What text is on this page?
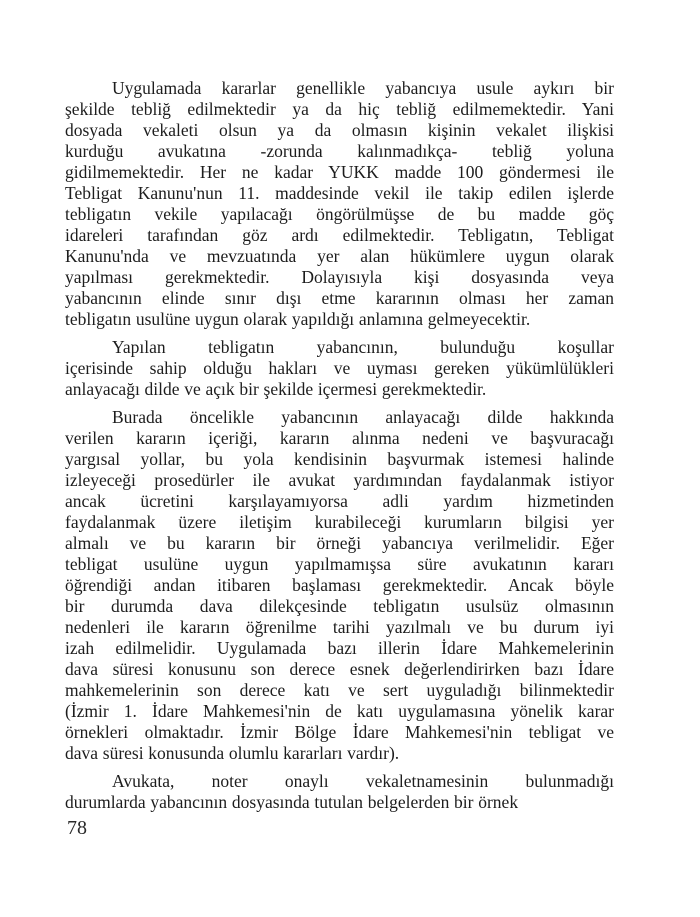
Uygulamada kararlar genellikle yabancıya usule aykırı bir
şekilde tebliğ edilmektedir ya da hiç tebliğ edilmemektedir. Yani
dosyada vekaleti olsun ya da olmasın kişinin vekalet ilişkisi
kurduğu avukatına -zorunda kalınmadıkça- tebliğ yoluna
gidilmemektedir. Her ne kadar YUKK madde 100 göndermesi ile
Tebligat Kanunu'nun 11. maddesinde vekil ile takip edilen işlerde
tebligatın vekile yapılacağı öngörülmüşse de bu madde göç
idareleri tarafından göz ardı edilmektedir. Tebligatın, Tebligat
Kanunu'nda ve mevzuatında yer alan hükümlere uygun olarak
yapılması gerekmektedir. Dolayısıyla kişi dosyasında veya
yabancının elinde sınır dışı etme kararının olması her zaman
tebligatın usulüne uygun olarak yapıldığı anlamına gelmeyecektir.
Yapılan tebligatın yabancının, bulunduğu koşullar
içerisinde sahip olduğu hakları ve uyması gereken yükümlülükleri
anlayacağı dilde ve açık bir şekilde içermesi gerekmektedir.
Burada öncelikle yabancının anlayacağı dilde hakkında
verilen kararın içeriği, kararın alınma nedeni ve başvuracağı
yargısal yollar, bu yola kendisinin başvurmak istemesi halinde
izleyeceği prosedürler ile avukat yardımından faydalanmak istiyor
ancak ücretini karşılayamıyorsa adli yardım hizmetinden
faydalanmak üzere iletişim kurabileceği kurumların bilgisi yer
almalı ve bu kararın bir örneği yabancıya verilmelidir. Eğer
tebligat usulüne uygun yapılmamışsa süre avukatının kararı
öğrendiği andan itibaren başlaması gerekmektedir. Ancak böyle
bir durumda dava dilekçesinde tebligatın usulsüz olmasının
nedenleri ile kararın öğrenilme tarihi yazılmalı ve bu durum iyi
izah edilmelidir. Uygulamada bazı illerin İdare Mahkemelerinin
dava süresi konusunu son derece esnek değerlendirirken bazı İdare
mahkemelerinin son derece katı ve sert uyguladığı bilinmektedir
(İzmir 1. İdare Mahkemesi'nin de katı uygulamasına yönelik karar
örnekleri olmaktadır. İzmir Bölge İdare Mahkemesi'nin tebligat ve
dava süresi konusunda olumlu kararları vardır).
Avukata, noter onaylı vekaletnamesinin bulunmadığı
durumlarda yabancının dosyasında tutulan belgelerden bir örnek
78
